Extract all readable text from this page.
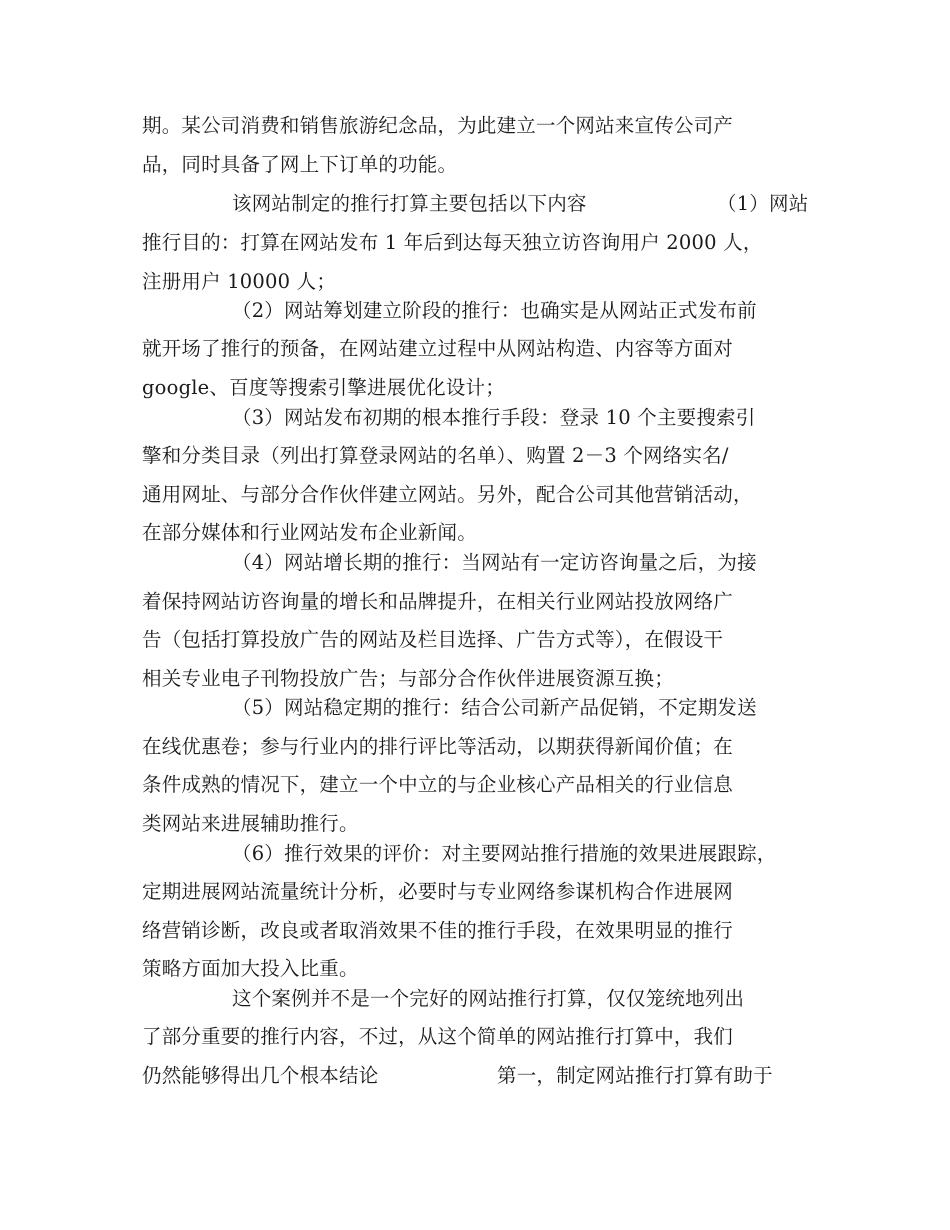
期。某公司消费和销售旅游纪念品，为此建立一个网站来宣传公司产
品，同时具备了网上下订单的功能。
该网站制定的推行打算主要包括以下内容	（1）网站
推行目的：打算在网站发布 1 年后到达每天独立访咨询用户 2000 人，
注册用户 10000 人；
（2）网站筹划建立阶段的推行：也确实是从网站正式发布前
就开场了推行的预备，在网站建立过程中从网站构造、内容等方面对
google、百度等搜索引擎进展优化设计；
（3）网站发布初期的根本推行手段：登录 10 个主要搜索引
擎和分类目录（列出打算登录网站的名单）、购置 2－3 个网络实名/
通用网址、与部分合作伙伴建立网站。另外，配合公司其他营销活动，
在部分媒体和行业网站发布企业新闻。
（4）网站增长期的推行：当网站有一定访咨询量之后，为接
着保持网站访咨询量的增长和品牌提升，在相关行业网站投放网络广
告（包括打算投放广告的网站及栏目选择、广告方式等），在假设干
相关专业电子刊物投放广告；与部分合作伙伴进展资源互换；
（5）网站稳定期的推行：结合公司新产品促销，不定期发送
在线优惠卷；参与行业内的排行评比等活动，以期获得新闻价值；在
条件成熟的情况下，建立一个中立的与企业核心产品相关的行业信息
类网站来进展辅助推行。
（6）推行效果的评价：对主要网站推行措施的效果进展跟踪，
定期进展网站流量统计分析，必要时与专业网络参谋机构合作进展网
络营销诊断，改良或者取消效果不佳的推行手段，在效果明显的推行
策略方面加大投入比重。
这个案例并不是一个完好的网站推行打算，仅仅笼统地列出
了部分重要的推行内容，不过，从这个简单的网站推行打算中，我们
仍然能够得出几个根本结论	第一，制定网站推行打算有助于
